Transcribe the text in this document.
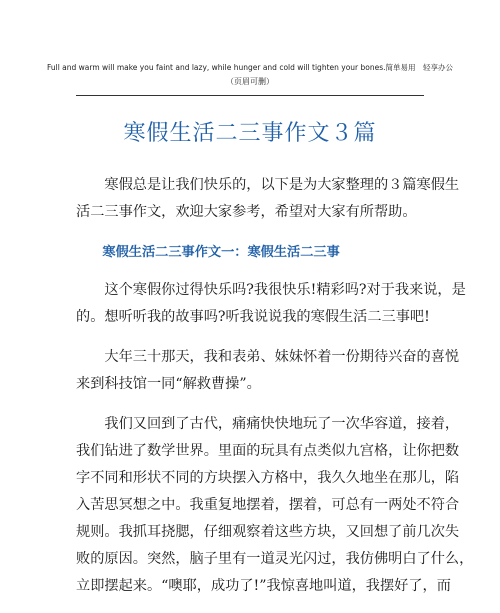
Full and warm will make you faint and lazy, while hunger and cold will tighten your bones.简单易用　轻享办公
（页眉可删）
寒假生活二三事作文３篇
寒假总是让我们快乐的，以下是为大家整理的３篇寒假生
活二三事作文，欢迎大家参考，希望对大家有所帮助。
寒假生活二三事作文一：寒假生活二三事
这个寒假你过得快乐吗?我很快乐!精彩吗?对于我来说，是
的。想听听我的故事吗?听我说说我的寒假生活二三事吧!
大年三十那天，我和表弟、妹妹怀着一份期待兴奋的喜悦
来到科技馆一同“解救曹操”。
我们又回到了古代，痛痛快快地玩了一次华容道，接着，
我们钻进了数学世界。里面的玩具有点类似九宫格，让你把数
字不同和形状不同的方块摆入方格中，我久久地坐在那儿，陷
入苦思冥想之中。我重复地摆着，摆着，可总有一两处不符合
规则。我抓耳挠腮，仔细观察着这些方块，又回想了前几次失
败的原因。突然，脑子里有一道灵光闪过，我仿佛明白了什么，
立即摆起来。“噢耶，成功了!”我惊喜地叫道，我摆好了，而
